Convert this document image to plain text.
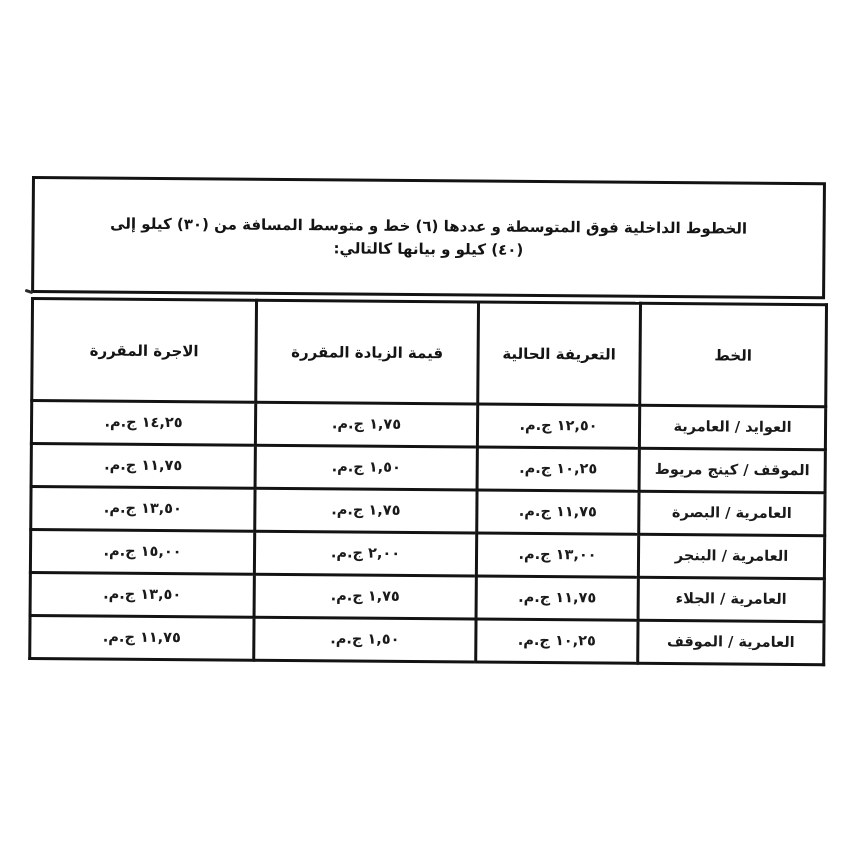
الخطوط الداخلية فوق المتوسطة و عددها (٦) خط و متوسط المسافة من (٣٠) كيلو إلى (٤٠) كيلو و بيانها كالتالي:

الخط	التعريفة الحالية	قيمة الزيادة المقررة	الاجرة المقررة
العوايد / العامرية	١٢,٥٠ ج.م.	١,٧٥ ج.م.	١٤,٢٥ ج.م.
الموقف / كينج مريوط	١٠,٢٥ ج.م.	١,٥٠ ج.م.	١١,٧٥ ج.م.
العامرية / البصرة	١١,٧٥ ج.م.	١,٧٥ ج.م.	١٣,٥٠ ج.م.
العامرية / البنجر	١٣,٠٠ ج.م.	٢,٠٠ ج.م.	١٥,٠٠ ج.م.
العامرية / الجلاء	١١,٧٥ ج.م.	١,٧٥ ج.م.	١٣,٥٠ ج.م.
العامرية / الموقف	١٠,٢٥ ج.م.	١,٥٠ ج.م.	١١,٧٥ ج.م.
